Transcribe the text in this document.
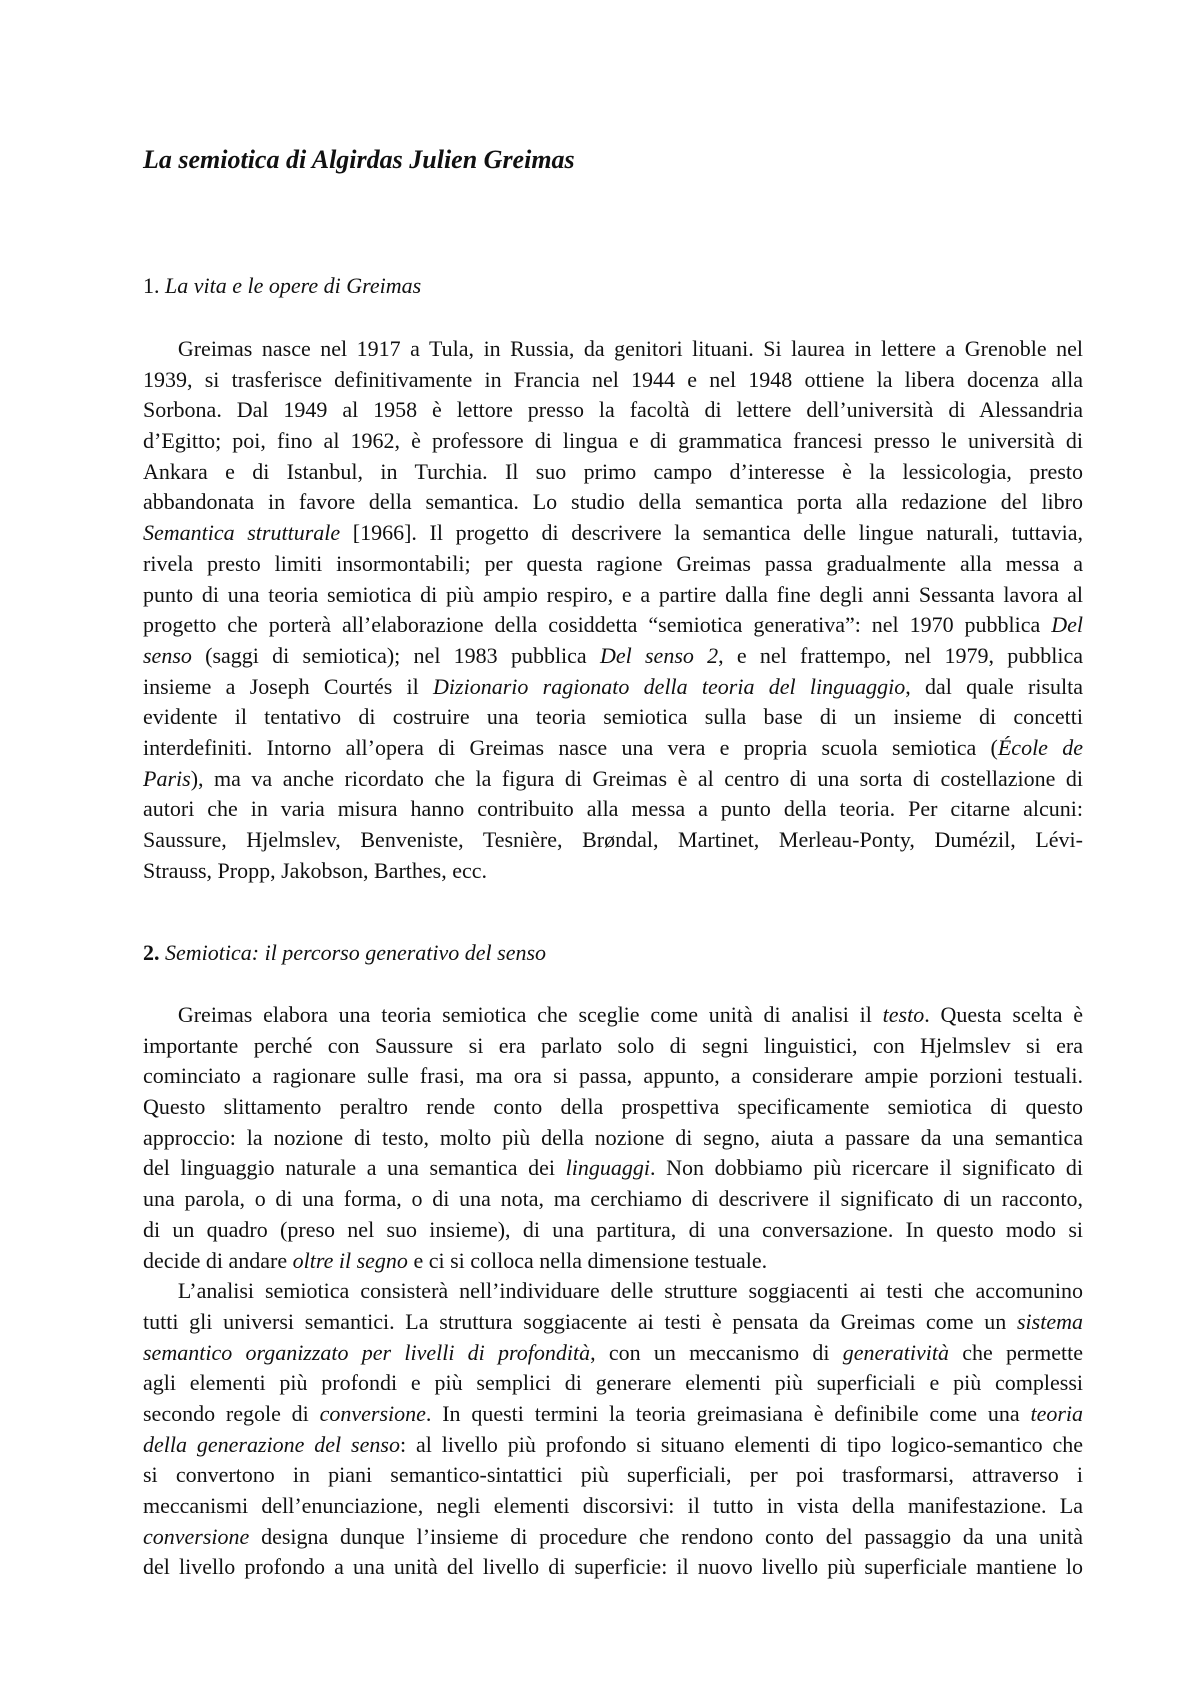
La semiotica di Algirdas Julien Greimas
1. La vita e le opere di Greimas
   Greimas nasce nel 1917 a Tula, in Russia, da genitori lituani. Si laurea in lettere a Grenoble nel
1939, si trasferisce definitivamente in Francia nel 1944 e nel 1948 ottiene la libera docenza alla
Sorbona. Dal 1949 al 1958 è lettore presso la facoltà di lettere dell’università di Alessandria
d’Egitto; poi, fino al 1962, è professore di lingua e di grammatica francesi presso le università di
Ankara e di Istanbul, in Turchia. Il suo primo campo d’interesse è la lessicologia, presto
abbandonata in favore della semantica. Lo studio della semantica porta alla redazione del libro
Semantica strutturale [1966]. Il progetto di descrivere la semantica delle lingue naturali, tuttavia,
rivela presto limiti insormontabili; per questa ragione Greimas passa gradualmente alla messa a
punto di una teoria semiotica di più ampio respiro, e a partire dalla fine degli anni Sessanta lavora al
progetto che porterà all’elaborazione della cosiddetta “semiotica generativa”: nel 1970 pubblica Del
senso (saggi di semiotica); nel 1983 pubblica Del senso 2, e nel frattempo, nel 1979, pubblica
insieme a Joseph Courtés il Dizionario ragionato della teoria del linguaggio, dal quale risulta
evidente il tentativo di costruire una teoria semiotica sulla base di un insieme di concetti
interdefiniti. Intorno all’opera di Greimas nasce una vera e propria scuola semiotica (École de
Paris), ma va anche ricordato che la figura di Greimas è al centro di una sorta di costellazione di
autori che in varia misura hanno contribuito alla messa a punto della teoria. Per citarne alcuni:
Saussure, Hjelmslev, Benveniste, Tesnière, Brøndal, Martinet, Merleau-Ponty, Dumézil, Lévi-
Strauss, Propp, Jakobson, Barthes, ecc.
2. Semiotica: il percorso generativo del senso
   Greimas elabora una teoria semiotica che sceglie come unità di analisi il testo. Questa scelta è
importante perché con Saussure si era parlato solo di segni linguistici, con Hjelmslev si era
cominciato a ragionare sulle frasi, ma ora si passa, appunto, a considerare ampie porzioni testuali.
Questo slittamento peraltro rende conto della prospettiva specificamente semiotica di questo
approccio: la nozione di testo, molto più della nozione di segno, aiuta a passare da una semantica
del linguaggio naturale a una semantica dei linguaggi. Non dobbiamo più ricercare il significato di
una parola, o di una forma, o di una nota, ma cerchiamo di descrivere il significato di un racconto,
di un quadro (preso nel suo insieme), di una partitura, di una conversazione. In questo modo si
decide di andare oltre il segno e ci si colloca nella dimensione testuale.
   L’analisi semiotica consisterà nell’individuare delle strutture soggiacenti ai testi che accomunino
tutti gli universi semantici. La struttura soggiacente ai testi è pensata da Greimas come un sistema
semantico organizzato per livelli di profondità, con un meccanismo di generatività che permette
agli elementi più profondi e più semplici di generare elementi più superficiali e più complessi
secondo regole di conversione. In questi termini la teoria greimasiana è definibile come una teoria
della generazione del senso: al livello più profondo si situano elementi di tipo logico-semantico che
si convertono in piani semantico-sintattici più superficiali, per poi trasformarsi, attraverso i
meccanismi dell’enunciazione, negli elementi discorsivi: il tutto in vista della manifestazione. La
conversione designa dunque l’insieme di procedure che rendono conto del passaggio da una unità
del livello profondo a una unità del livello di superficie: il nuovo livello più superficiale mantiene lo
